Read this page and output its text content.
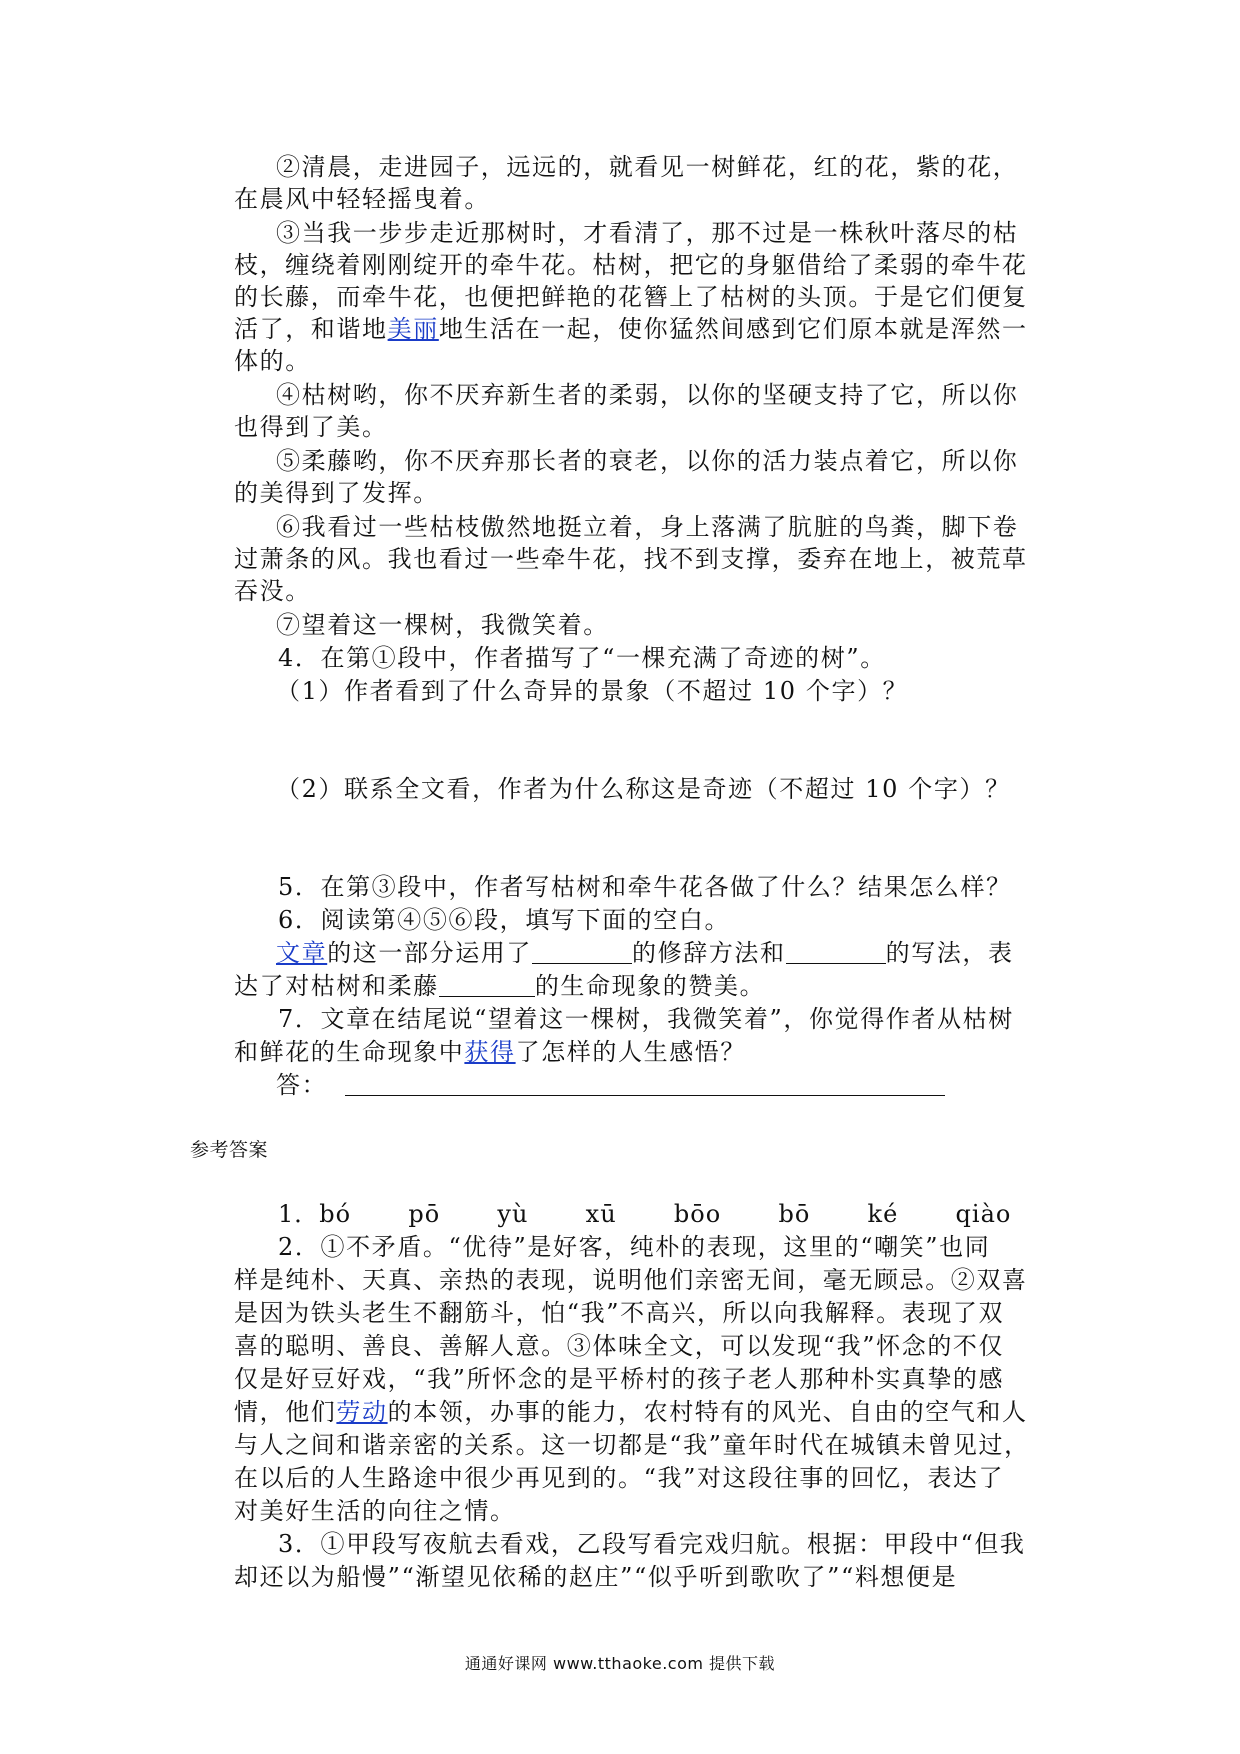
②清晨，走进园子，远远的，就看见一树鲜花，红的花，紫的花，
在晨风中轻轻摇曳着。
③当我一步步走近那树时，才看清了，那不过是一株秋叶落尽的枯
枝，缠绕着刚刚绽开的牵牛花。枯树，把它的身躯借给了柔弱的牵牛花
的长藤，而牵牛花，也便把鲜艳的花簪上了枯树的头顶。于是它们便复
活了，和谐地美丽地生活在一起，使你猛然间感到它们原本就是浑然一
体的。
④枯树哟，你不厌弃新生者的柔弱，以你的坚硬支持了它，所以你
也得到了美。
⑤柔藤哟，你不厌弃那长者的衰老，以你的活力装点着它，所以你
的美得到了发挥。
⑥我看过一些枯枝傲然地挺立着，身上落满了肮脏的鸟粪，脚下卷
过萧条的风。我也看过一些牵牛花，找不到支撑，委弃在地上，被荒草
吞没。
⑦望着这一棵树，我微笑着。
4．在第①段中，作者描写了“一棵充满了奇迹的树”。
（1）作者看到了什么奇异的景象（不超过 10 个字）？
（2）联系全文看，作者为什么称这是奇迹（不超过 10 个字）？
5．在第③段中，作者写枯树和牵牛花各做了什么？结果怎么样？
6．阅读第④⑤⑥段，填写下面的空白。
文章的这一部分运用了	的修辞方法和	的写法，表
达了对枯树和柔藤	的生命现象的赞美。
7．文章在结尾说“望着这一棵树，我微笑着”，你觉得作者从枯树
和鲜花的生命现象中获得了怎样的人生感悟？
答：
参考答案
1．bó  pō  yù  xū  bōo  bō  ké  qiào
2．①不矛盾。“优待”是好客，纯朴的表现，这里的“嘲笑”也同
样是纯朴、天真、亲热的表现，说明他们亲密无间，毫无顾忌。②双喜
是因为铁头老生不翻筋斗，怕“我”不高兴，所以向我解释。表现了双
喜的聪明、善良、善解人意。③体味全文，可以发现“我”怀念的不仅
仅是好豆好戏，“我”所怀念的是平桥村的孩子老人那种朴实真挚的感
情，他们劳动的本领，办事的能力，农村特有的风光、自由的空气和人
与人之间和谐亲密的关系。这一切都是“我”童年时代在城镇未曾见过，
在以后的人生路途中很少再见到的。“我”对这段往事的回忆，表达了
对美好生活的向往之情。
3．①甲段写夜航去看戏，乙段写看完戏归航。根据：甲段中“但我
却还以为船慢”“渐望见依稀的赵庄”“似乎听到歌吹了”“料想便是
通通好课网 www.tthaoke.com 提供下载
